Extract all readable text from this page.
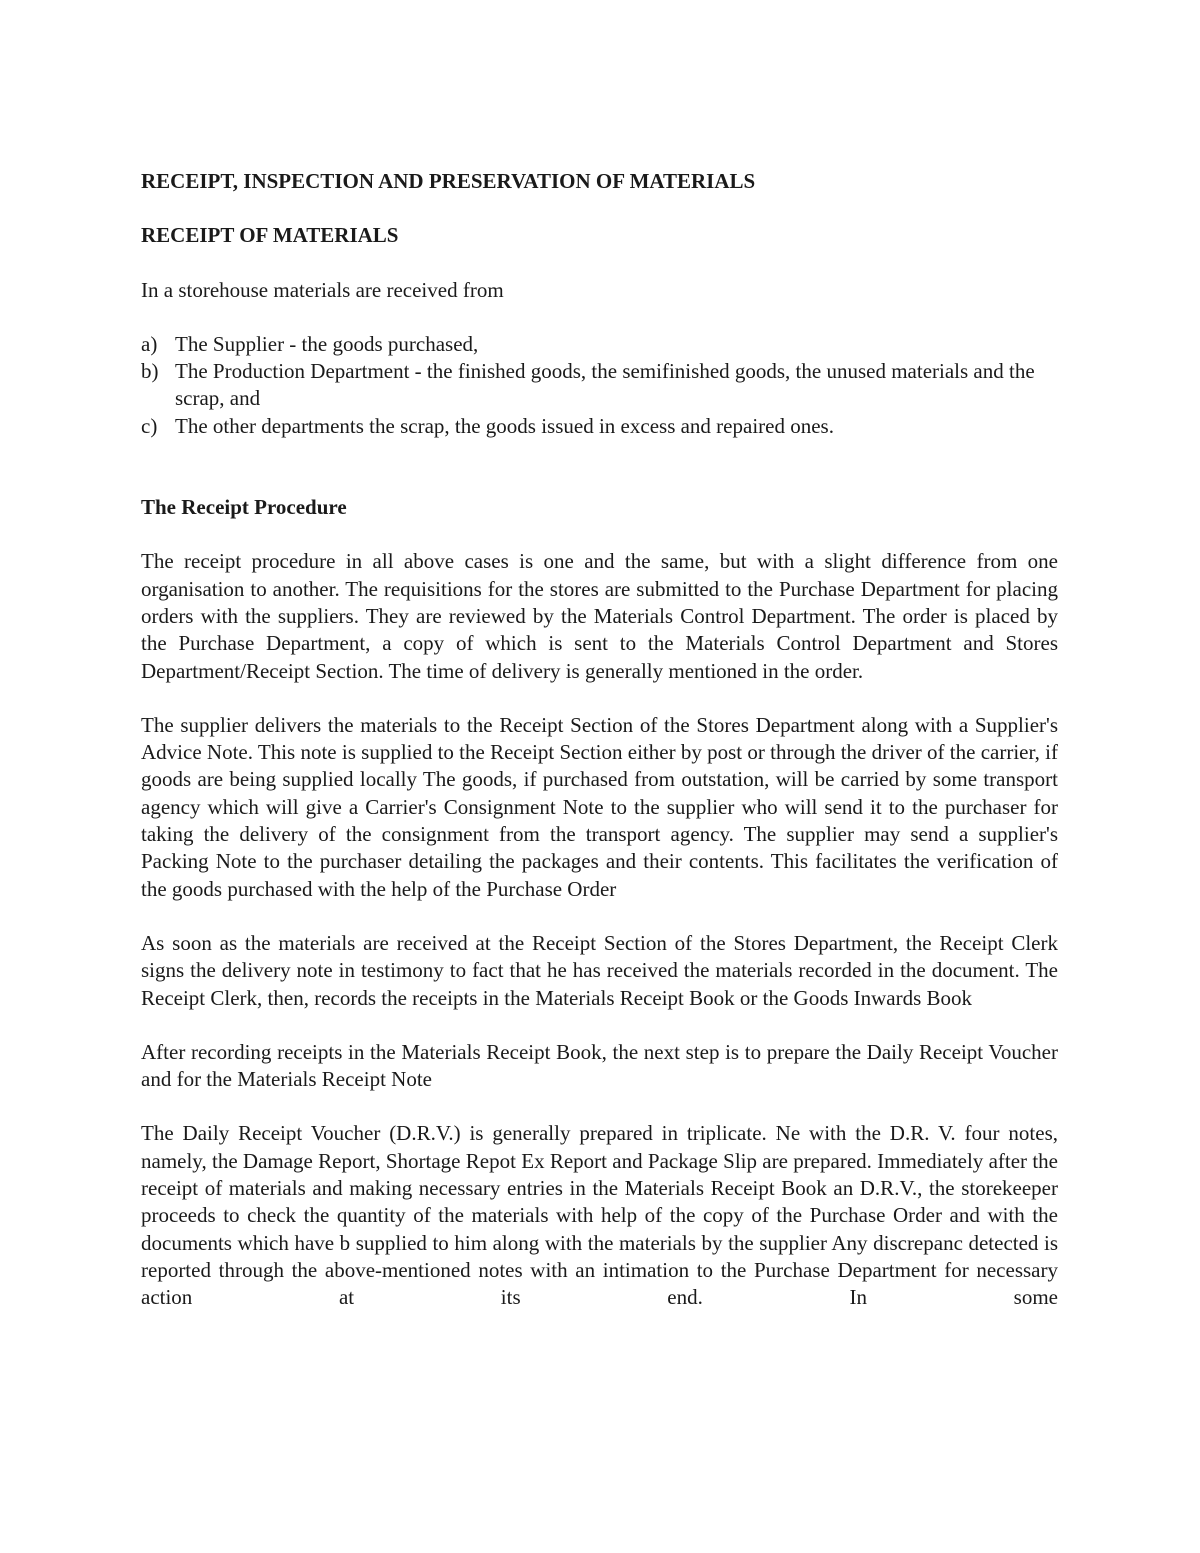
RECEIPT, INSPECTION AND PRESERVATION OF MATERIALS

RECEIPT OF MATERIALS

In a storehouse materials are received from

a) The Supplier - the goods purchased,
b) The Production Department - the finished goods, the semifinished goods, the unused materials and the scrap, and
c) The other departments the scrap, the goods issued in excess and repaired ones.

The Receipt Procedure

The receipt procedure in all above cases is one and the same, but with a slight difference from one organisation to another. The requisitions for the stores are submitted to the Purchase Department for placing orders with the suppliers. They are reviewed by the Materials Control Department. The order is placed by the Purchase Department, a copy of which is sent to the Materials Control Department and Stores Department/Receipt Section. The time of delivery is generally mentioned in the order.

The supplier delivers the materials to the Receipt Section of the Stores Department along with a Supplier's Advice Note. This note is supplied to the Receipt Section either by post or through the driver of the carrier, if goods are being supplied locally The goods, if purchased from outstation, will be carried by some transport agency which will give a Carrier's Consignment Note to the supplier who will send it to the purchaser for taking the delivery of the consignment from the transport agency. The supplier may send a supplier's Packing Note to the purchaser detailing the packages and their contents. This facilitates the verification of the goods purchased with the help of the Purchase Order

As soon as the materials are received at the Receipt Section of the Stores Department, the Receipt Clerk signs the delivery note in testimony to fact that he has received the materials recorded in the document. The Receipt Clerk, then, records the receipts in the Materials Receipt Book or the Goods Inwards Book

After recording receipts in the Materials Receipt Book, the next step is to prepare the Daily Receipt Voucher and for the Materials Receipt Note

The Daily Receipt Voucher (D.R.V.) is generally prepared in triplicate. Ne with the D.R. V. four notes, namely, the Damage Report, Shortage Repot Ex Report and Package Slip are prepared. Immediately after the receipt of materials and making necessary entries in the Materials Receipt Book an D.R.V., the storekeeper proceeds to check the quantity of the materials with help of the copy of the Purchase Order and with the documents which have b supplied to him along with the materials by the supplier Any discrepanc detected is reported through the above-mentioned notes with an intimation to the Purchase Department for necessary action at its end. In some
